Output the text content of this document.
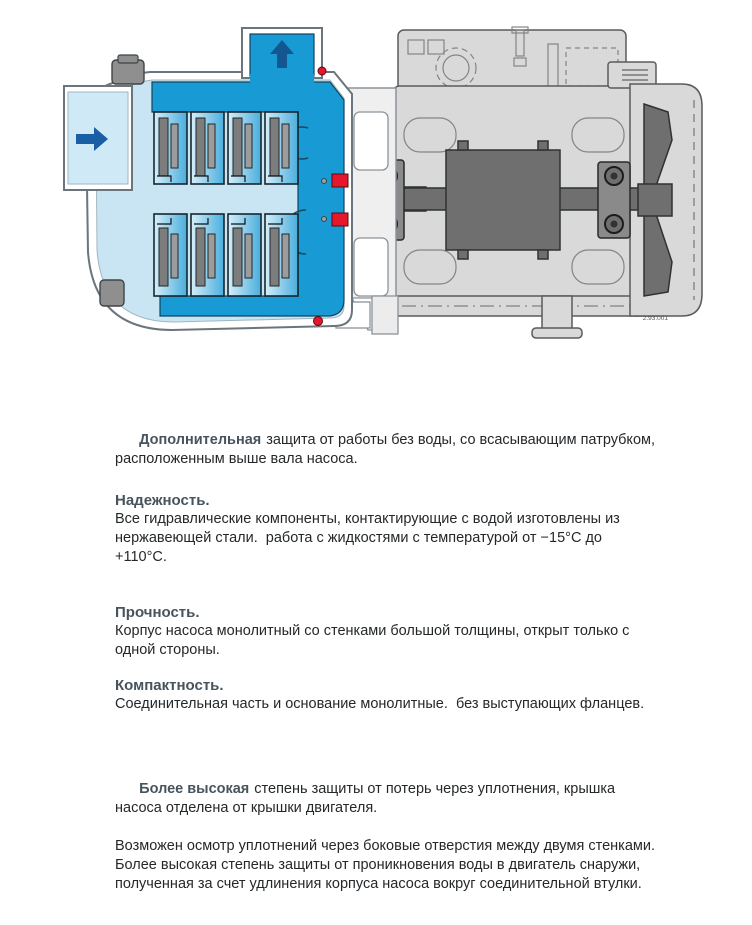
2.93.001

Дополнительная защита от работы без воды, со всасывающим патрубком, расположенным выше вала насоса.

Надежность.

Все гидравлические компоненты, контактирующие с водой изготовлены из нержавеющей стали.  работа с жидкостями с температурой от −15°C до +110°C.

Прочность.

Корпус насоса монолитный со стенками большой толщины, открыт только с одной стороны.

Компактность.

Соединительная часть и основание монолитные.  без выступающих фланцев.

Более высокая степень защиты от потерь через уплотнения, крышка насоса отделена от крышки двигателя.

Возможен осмотр уплотнений через боковые отверстия между двумя стенками.

Более высокая степень защиты от проникновения воды в двигатель снаружи, полученная за счет удлинения корпуса насоса вокруг соединительной втулки.
